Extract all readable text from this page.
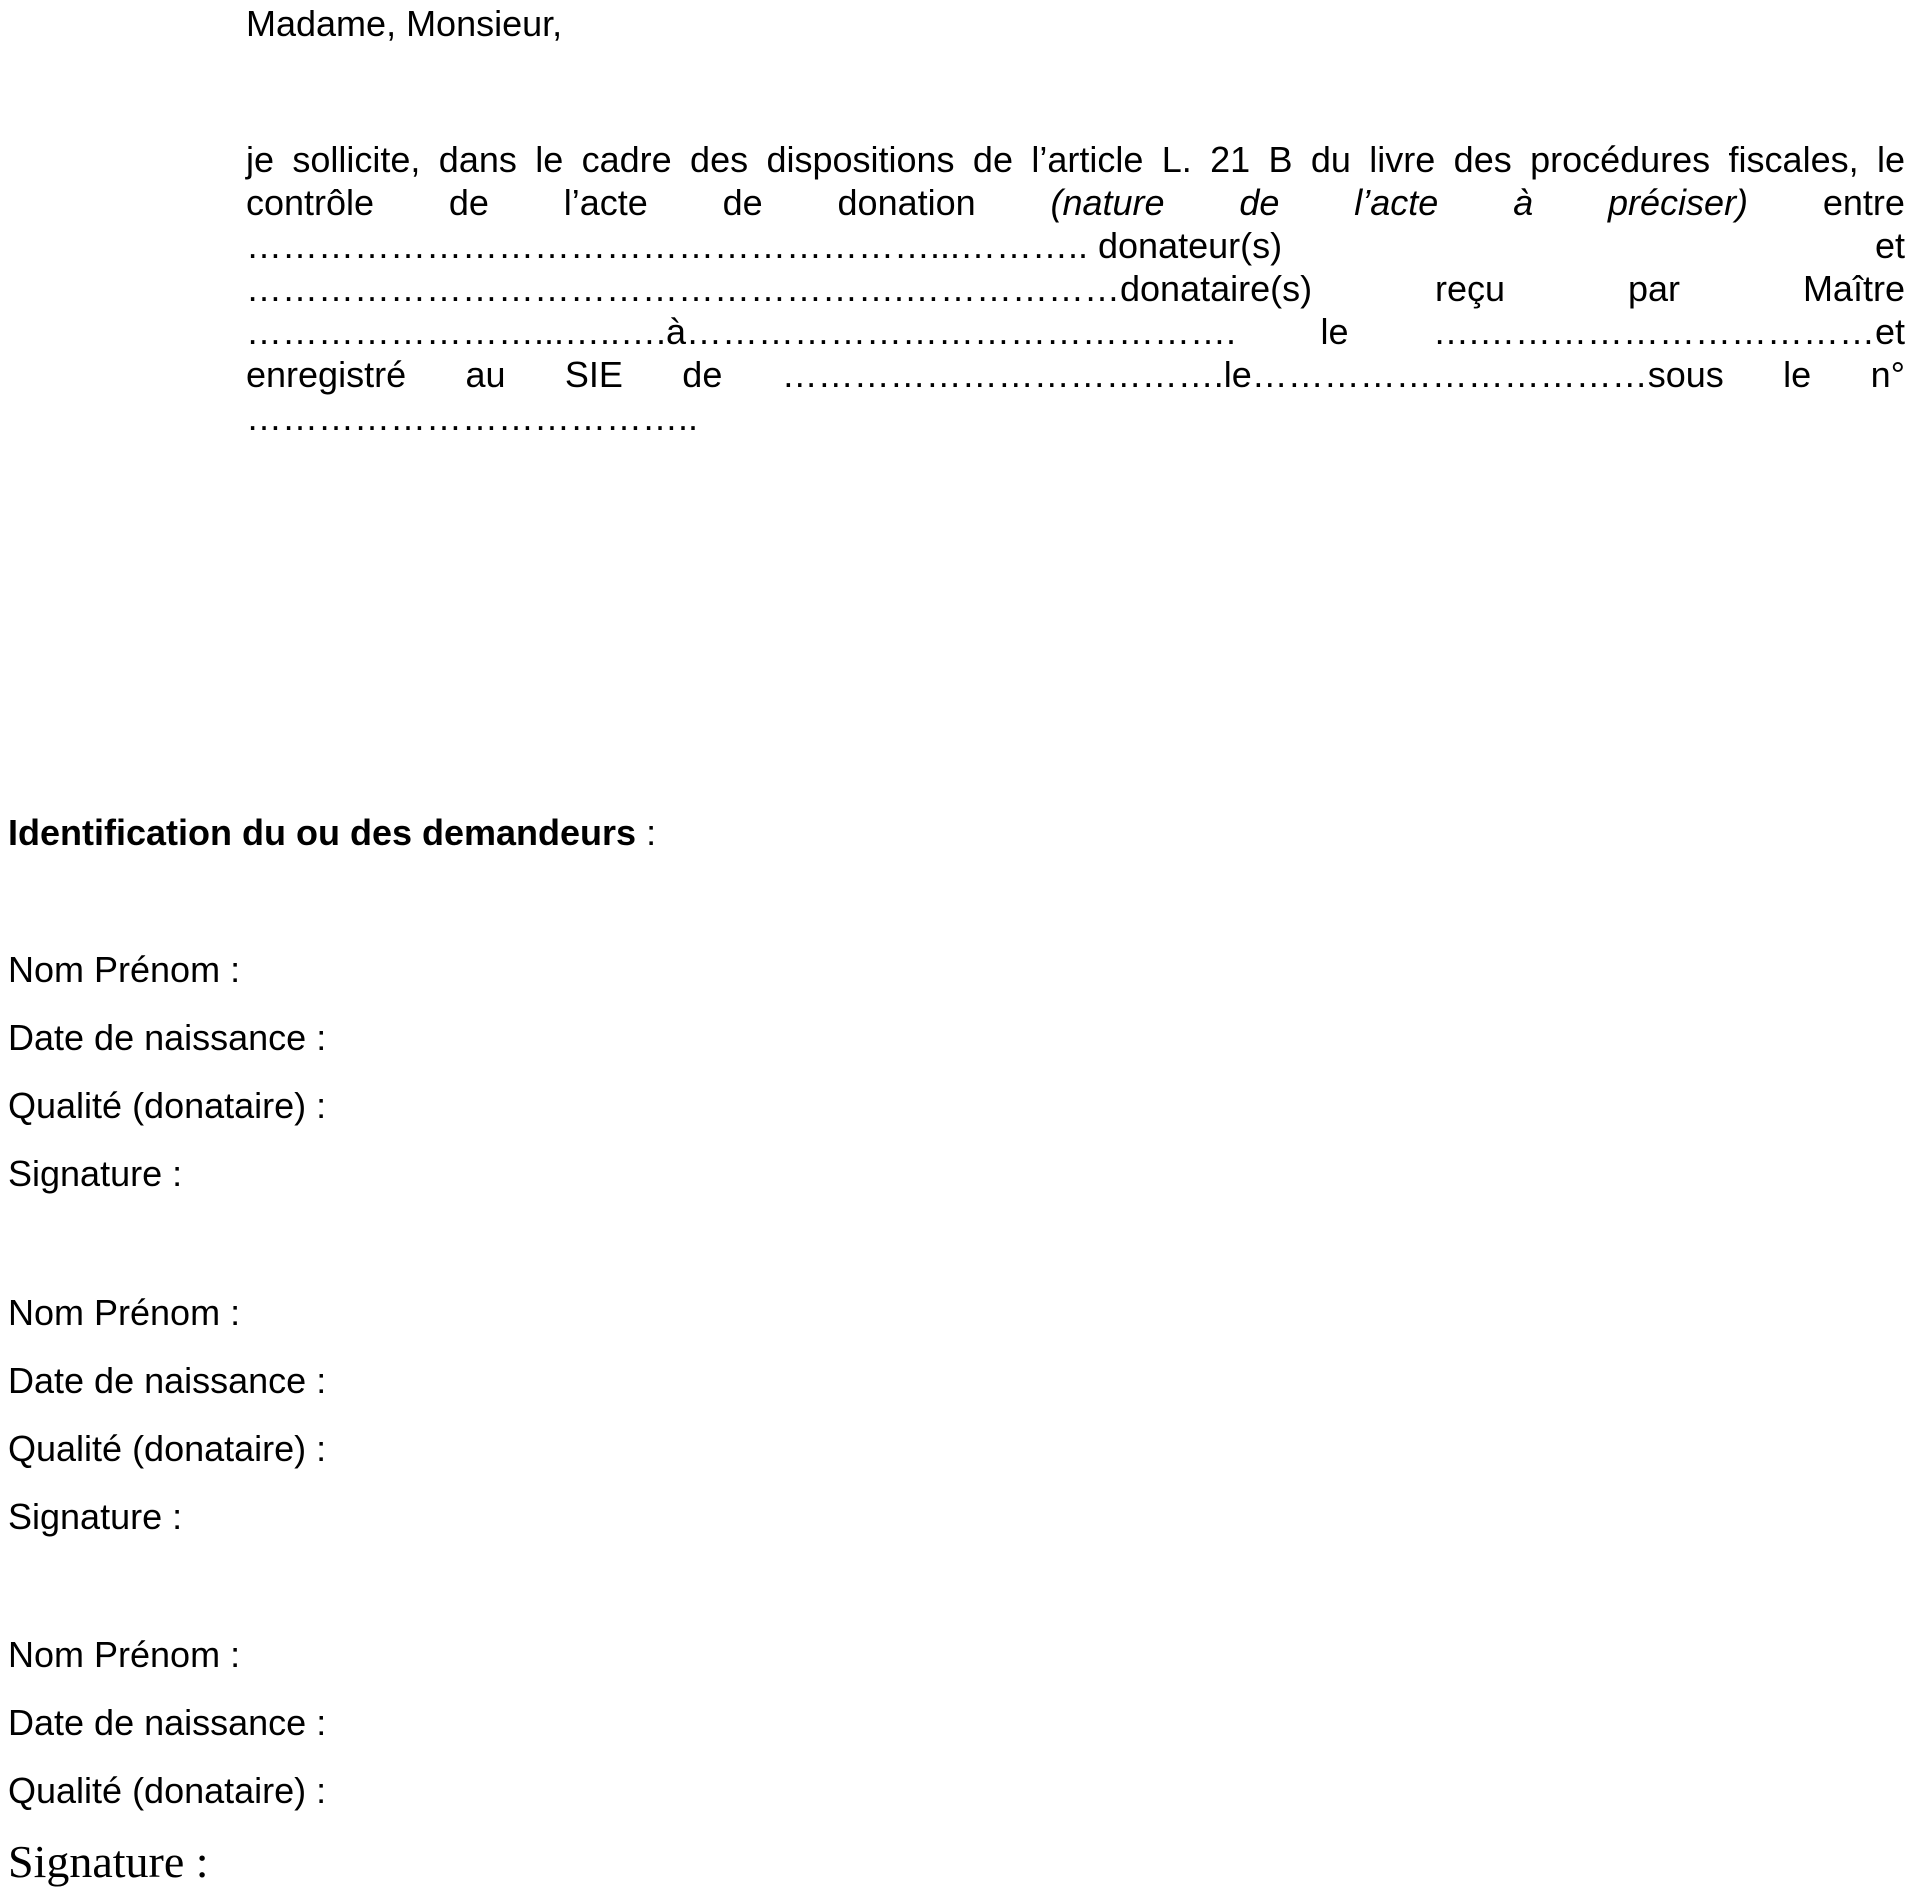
Madame, Monsieur,

je sollicite, dans le cadre des dispositions de l’article L. 21 B du livre des procédures fiscales, le
contrôle de l’acte de donation (nature de l’acte à préciser) entre
…………………………………………………...……….. donateur(s)	et
……………………………………………….………………donataire(s)	reçu	par	Maître
……………………...…..….à………………………………………. le ….……………………………et
enregistré au SIE de ……………………………….le……………………………sous le n°
………………………………..

Identification du ou des demandeurs :

Nom Prénom :

Date de naissance :

Qualité (donataire) :

Signature :

Nom Prénom :

Date de naissance :

Qualité (donataire) :

Signature :

Nom Prénom :

Date de naissance :

Qualité (donataire) :

Signature :
